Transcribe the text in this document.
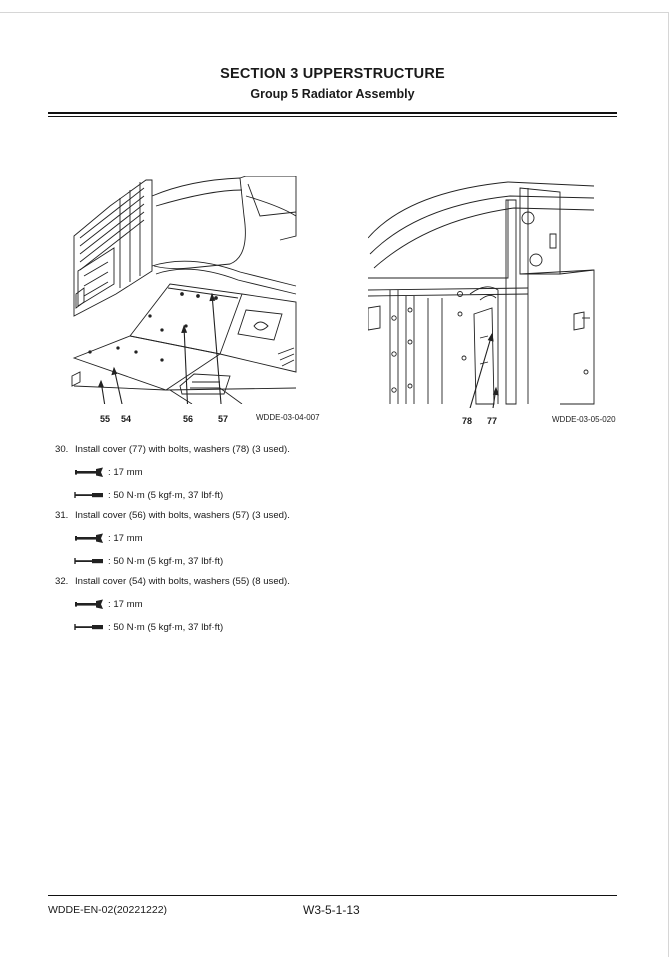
SECTION 3 UPPERSTRUCTURE
Group 5 Radiator Assembly
55 54	56	57	WDDE-03-04-007	78 77	WDDE-03-05-020
30. Install cover (77) with bolts, washers (78) (3 used).
: 17 mm
: 50 N·m (5 kgf·m, 37 lbf·ft)
31. Install cover (56) with bolts, washers (57) (3 used).
: 17 mm
: 50 N·m (5 kgf·m, 37 lbf·ft)
32. Install cover (54) with bolts, washers (55) (8 used).
: 17 mm
: 50 N·m (5 kgf·m, 37 lbf·ft)
WDDE-EN-02(20221222)	W3-5-1-13
